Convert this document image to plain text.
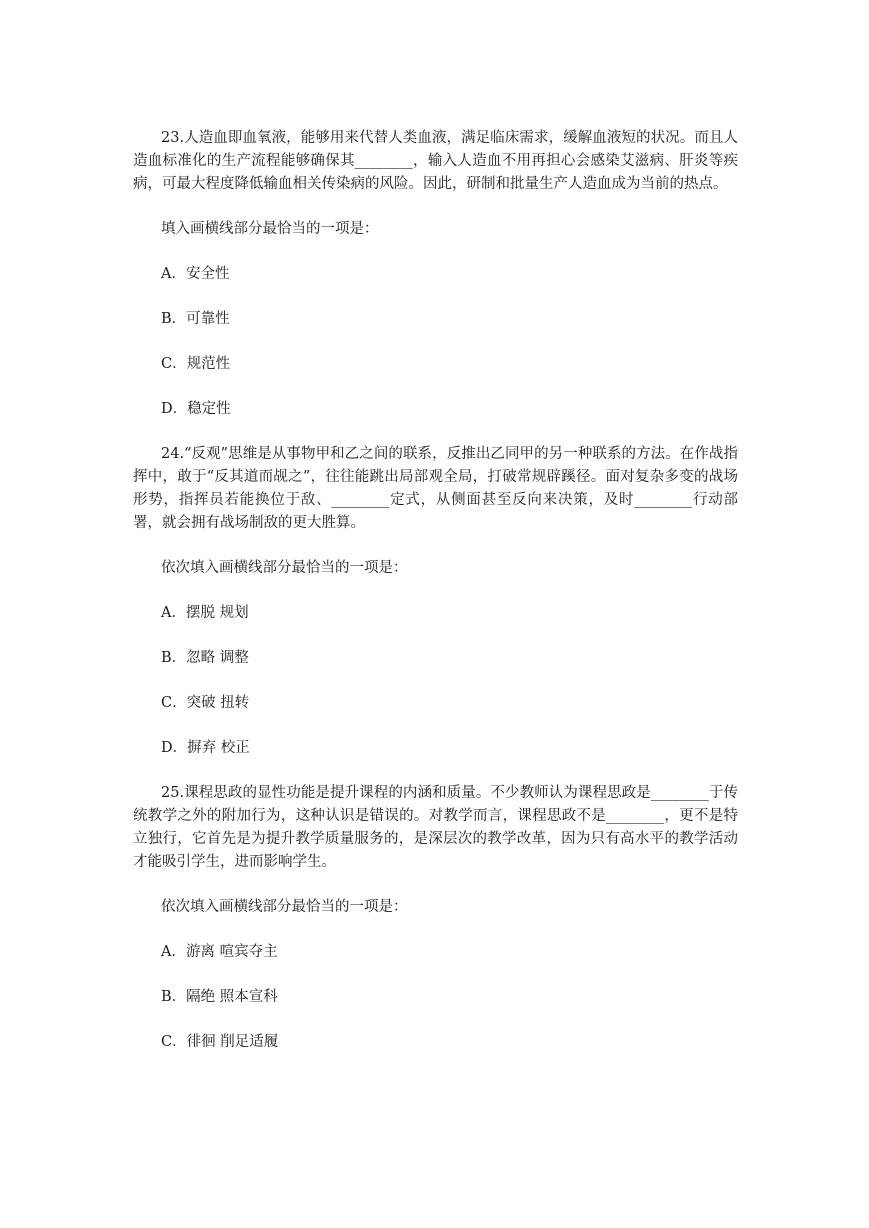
23.人造血即血氧液，能够用来代替人类血液，满足临床需求，缓解血液短的状况。而且人造血标准化的生产流程能够确保其________，输入人造血不用再担心会感染艾滋病、肝炎等疾病，可最大程度降低输血相关传染病的风险。因此，研制和批量生产人造血成为当前的热点。

填入画横线部分最恰当的一项是：

A．安全性

B．可靠性

C．规范性

D．稳定性

24.“反观”思维是从事物甲和乙之间的联系，反推出乙同甲的另一种联系的方法。在作战指挥中，敢于“反其道而觇之”，往往能跳出局部观全局，打破常规辟蹊径。面对复杂多变的战场形势，指挥员若能换位于敌、________定式，从侧面甚至反向来决策，及时________行动部署，就会拥有战场制敌的更大胜算。

依次填入画横线部分最恰当的一项是：

A．摆脱 规划

B．忽略 调整

C．突破 扭转

D．摒弃 校正

25.课程思政的显性功能是提升课程的内涵和质量。不少教师认为课程思政是________于传统教学之外的附加行为，这种认识是错误的。对教学而言，课程思政不是________，更不是特立独行，它首先是为提升教学质量服务的，是深层次的教学改革，因为只有高水平的教学活动才能吸引学生，进而影响学生。

依次填入画横线部分最恰当的一项是：

A．游离 喧宾夺主

B．隔绝 照本宣科

C．徘徊 削足适履
